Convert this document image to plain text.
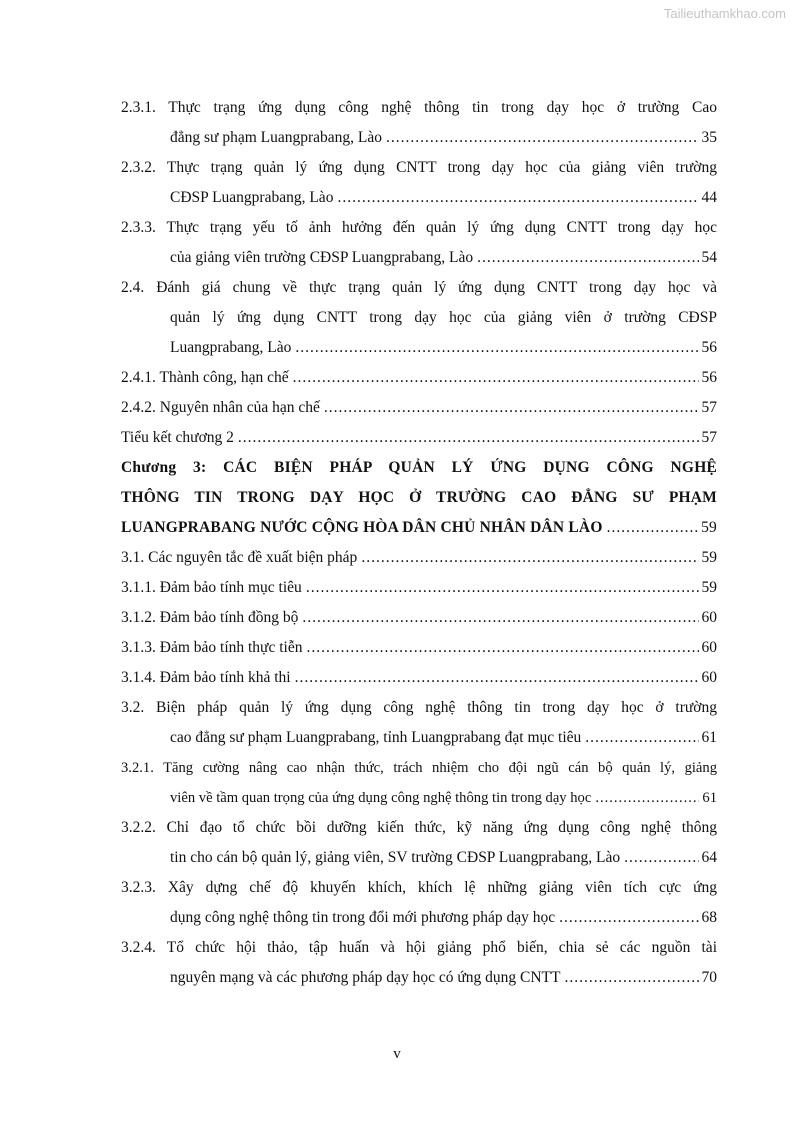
Tailieuthamkhao.com
2.3.1. Thực trạng ứng dụng công nghệ thông tin trong dạy học ở trường Cao
đẳng sư phạm Luangprabang, Lào .....	35
2.3.2. Thực trạng quản lý ứng dụng CNTT trong dạy học của giảng viên trường
CĐSP Luangprabang, Lào .....	44
2.3.3. Thực trạng yếu tố ảnh hưởng đến quản lý ứng dụng CNTT trong dạy học
của giảng viên trường CĐSP Luangprabang, Lào .....	54
2.4. Đánh giá chung về thực trạng quản lý ứng dụng CNTT trong dạy học và
quản lý ứng dụng CNTT trong dạy học của giảng viên ở trường CĐSP
Luangprabang, Lào .....	56
2.4.1. Thành công, hạn chế .....	56
2.4.2. Nguyên nhân của hạn chế .....	57
Tiểu kết chương 2 .....	57
Chương 3: CÁC BIỆN PHÁP QUẢN LÝ ỨNG DỤNG CÔNG NGHỆ
THÔNG TIN TRONG DẠY HỌC Ở TRƯỜNG CAO ĐẲNG SƯ PHẠM
LUANGPRABANG NƯỚC CỘNG HÒA DÂN CHỦ NHÂN DÂN LÀO .....	59
3.1. Các nguyên tắc đề xuất biện pháp .....	59
3.1.1. Đảm bảo tính mục tiêu .....	59
3.1.2. Đảm bảo tính đồng bộ .....	60
3.1.3. Đảm bảo tính thực tiễn .....	60
3.1.4. Đảm bảo tính khả thi .....	60
3.2. Biện pháp quản lý ứng dụng công nghệ thông tin trong dạy học ở trường
cao đẳng sư phạm Luangprabang, tỉnh Luangprabang đạt mục tiêu .....	61
3.2.1. Tăng cường nâng cao nhận thức, trách nhiệm cho đội ngũ cán bộ quản lý, giảng
viên về tầm quan trọng của ứng dụng công nghệ thông tin trong dạy học .....	61
3.2.2. Chỉ đạo tổ chức bồi dưỡng kiến thức, kỹ năng ứng dụng công nghệ thông
tin cho cán bộ quản lý, giảng viên, SV trường CĐSP Luangprabang, Lào .....	64
3.2.3. Xây dựng chế độ khuyến khích, khích lệ những giảng viên tích cực ứng
dụng công nghệ thông tin trong đổi mới phương pháp dạy học .....	68
3.2.4. Tổ chức hội thảo, tập huấn và hội giảng phổ biến, chia sẻ các nguồn tài
nguyên mạng và các phương pháp dạy học có ứng dụng CNTT .....	70
v
